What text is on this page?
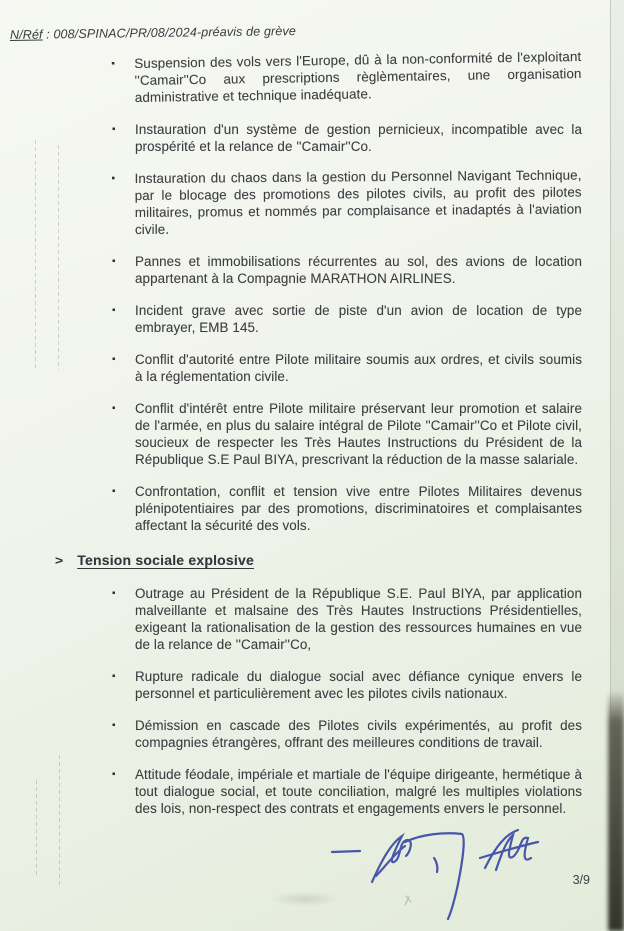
N/Réf : 008/SPINAC/PR/08/2024-préavis de grève
▪ Suspension des vols vers l'Europe, dû à la non-conformité de l'exploitant ''Camair''Co aux prescriptions règlèmentaires, une organisation administrative et technique inadéquate.
▪ Instauration d'un système de gestion pernicieux, incompatible avec la prospérité et la relance de ''Camair''Co.
▪ Instauration du chaos dans la gestion du Personnel Navigant Technique, par le blocage des promotions des pilotes civils, au profit des pilotes militaires, promus et nommés par complaisance et inadaptés à l'aviation civile.
▪ Pannes et immobilisations récurrentes au sol, des avions de location appartenant à la Compagnie MARATHON AIRLINES.
▪ Incident grave avec sortie de piste d'un avion de location de type embrayer, EMB 145.
▪ Conflit d'autorité entre Pilote militaire soumis aux ordres, et civils soumis à la réglementation civile.
▪ Conflit d'intérêt entre Pilote militaire préservant leur promotion et salaire de l'armée, en plus du salaire intégral de Pilote ''Camair''Co et Pilote civil, soucieux de respecter les Très Hautes Instructions du Président de la République S.E Paul BIYA, prescrivant la réduction de la masse salariale.
▪ Confrontation, conflit et tension vive entre Pilotes Militaires devenus plénipotentiaires par des promotions, discriminatoires et complaisantes affectant la sécurité des vols.
> Tension sociale explosive
▪ Outrage au Président de la République S.E. Paul BIYA, par application malveillante et malsaine des Très Hautes Instructions Présidentielles, exigeant la rationalisation de la gestion des ressources humaines en vue de la relance de ''Camair''Co,
▪ Rupture radicale du dialogue social avec défiance cynique envers le personnel et particulièrement avec les pilotes civils nationaux.
▪ Démission en cascade des Pilotes civils expérimentés, au profit des compagnies étrangères, offrant des meilleures conditions de travail.
▪ Attitude féodale, impériale et martiale de l'équipe dirigeante, hermétique à tout dialogue social, et toute conciliation, malgré les multiples violations des lois, non-respect des contrats et engagements envers le personnel.
3/9
